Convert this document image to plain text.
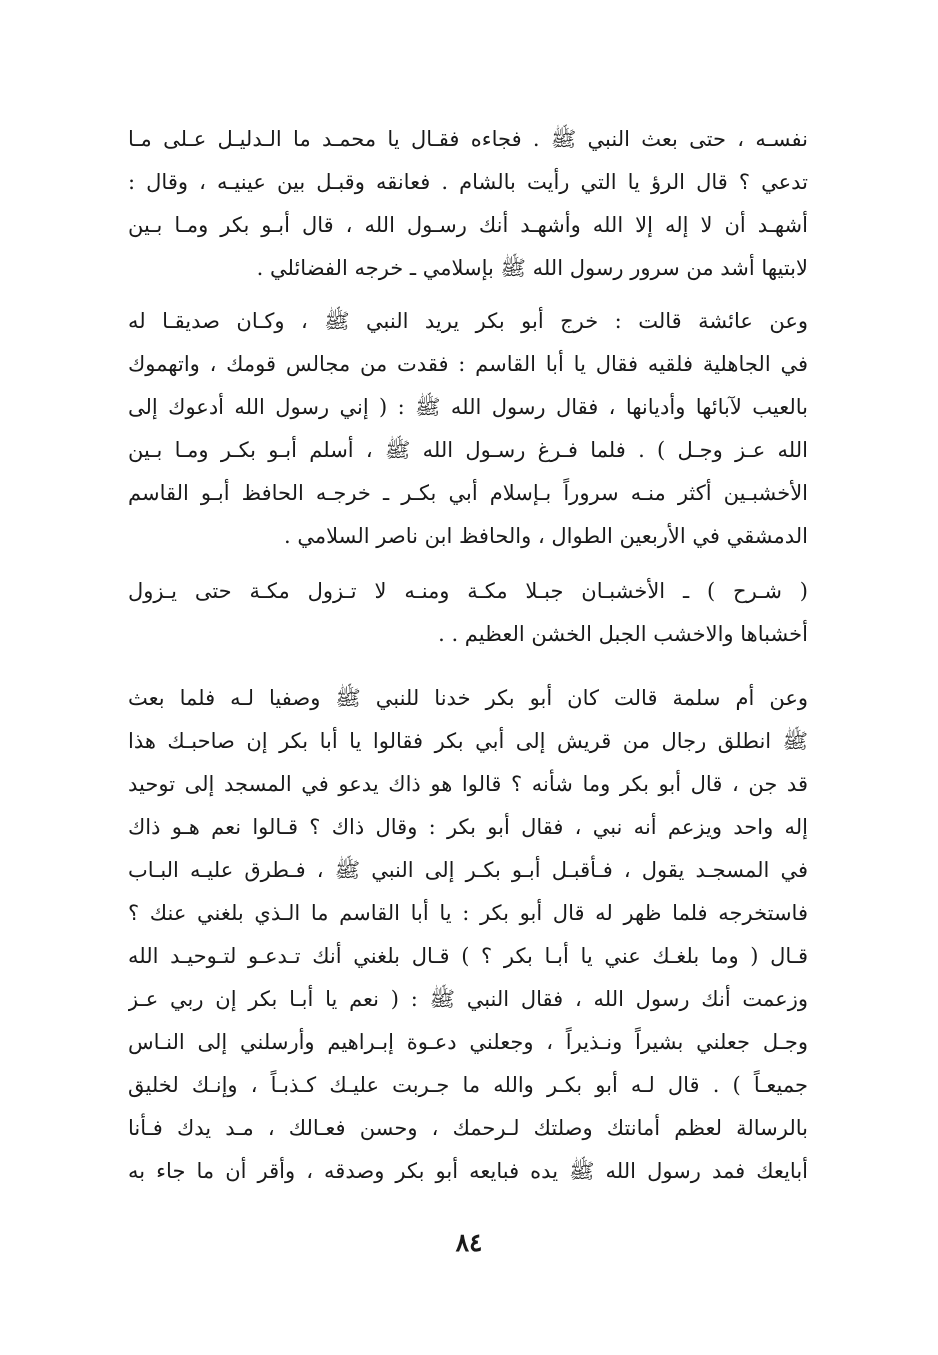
نفسـه ، حتى بعث النبي ﷺ . فجاءه فقـال يا محمـد ما الـدليـل عـلى مـا
تدعي ؟ قال الرؤ يا التي رأيت بالشام . فعانقه وقبـل بين عينيـه ، وقال :
أشهـد أن لا إله إلا الله وأشهـد أنك رسـول الله ، قال أبـو بكر ومـا بـين
لابتيها أشد من سرور رسول الله ﷺ بإسلامي ـ خرجه الفضائلي .
وعن عائشة قالت : خرج أبو بكر يريد النبي ﷺ ، وكـان صديقـا له
في الجاهلية فلقيه فقال يا أبا القاسم : فقدت من مجالس قومك ، واتهموك
بالعيب لآبائها وأديانها ، فقال رسول الله ﷺ : ( إني رسول الله أدعوك إلى
الله عـز وجـل ) . فلما فـرغ رسـول الله ﷺ ، أسلم أبـو بكـر ومـا بـين
الأخشبـين أكثر منـه سروراً بـإسلام أبي بكـر ـ خرجـه الحافظ أبـو القاسم
الدمشقي في الأربعين الطوال ، والحافظ ابن ناصر السلامي .
( شـرح ) ـ الأخشبـان جبـلا مكـة ومنـه لا تـزول مكـة حتى يـزول
أخشباها والاخشب الجبل الخشن العظيم . .
وعن أم سلمة قالت كان أبو بكر خدنا للنبي ﷺ وصفيا لـه فلما بعث
ﷺ انطلق رجال من قريش إلى أبي بكر فقالوا يا أبا بكر إن صاحبـك هذا
قد جن ، قال أبو بكر وما شأنه ؟ قالوا هو ذاك يدعو في المسجد إلى توحيد
إله واحد ويزعم أنه نبي ، فقال أبو بكر : وقال ذاك ؟ قـالوا نعم هـو ذاك
في المسجـد يقول ، فـأقبـل أبـو بكـر إلى النبي ﷺ ، فـطرق عليـه البـاب
فاستخرجه فلما ظهر له قال أبو بكر : يا أبا القاسم ما الـذي بلغني عنك ؟
قـال ( وما بلغـك عني يا أبـا بكر ؟ ) قـال بلغني أنك تـدعـو لتـوحيـد الله
وزعمت أنك رسول الله ، فقال النبي ﷺ : ( نعم يا أبـا بكر إن ربي عـز
وجـل جعلني بشيراً ونـذيراً ، وجعلني دعـوة إبـراهيم وأرسلني إلى النـاس
جميعـاً ) . قال لـه أبو بكـر والله ما جـربت عليـك كـذبـاً ، وإنـك لخليق
بالرسالة لعظم أمانتك وصلتك لـرحمك ، وحسن فعـالك ، مـد يدك فـأنا
أبايعك فمد رسول الله ﷺ يده فبايعه أبو بكر وصدقه ، وأقر أن ما جاء به
٨٤
